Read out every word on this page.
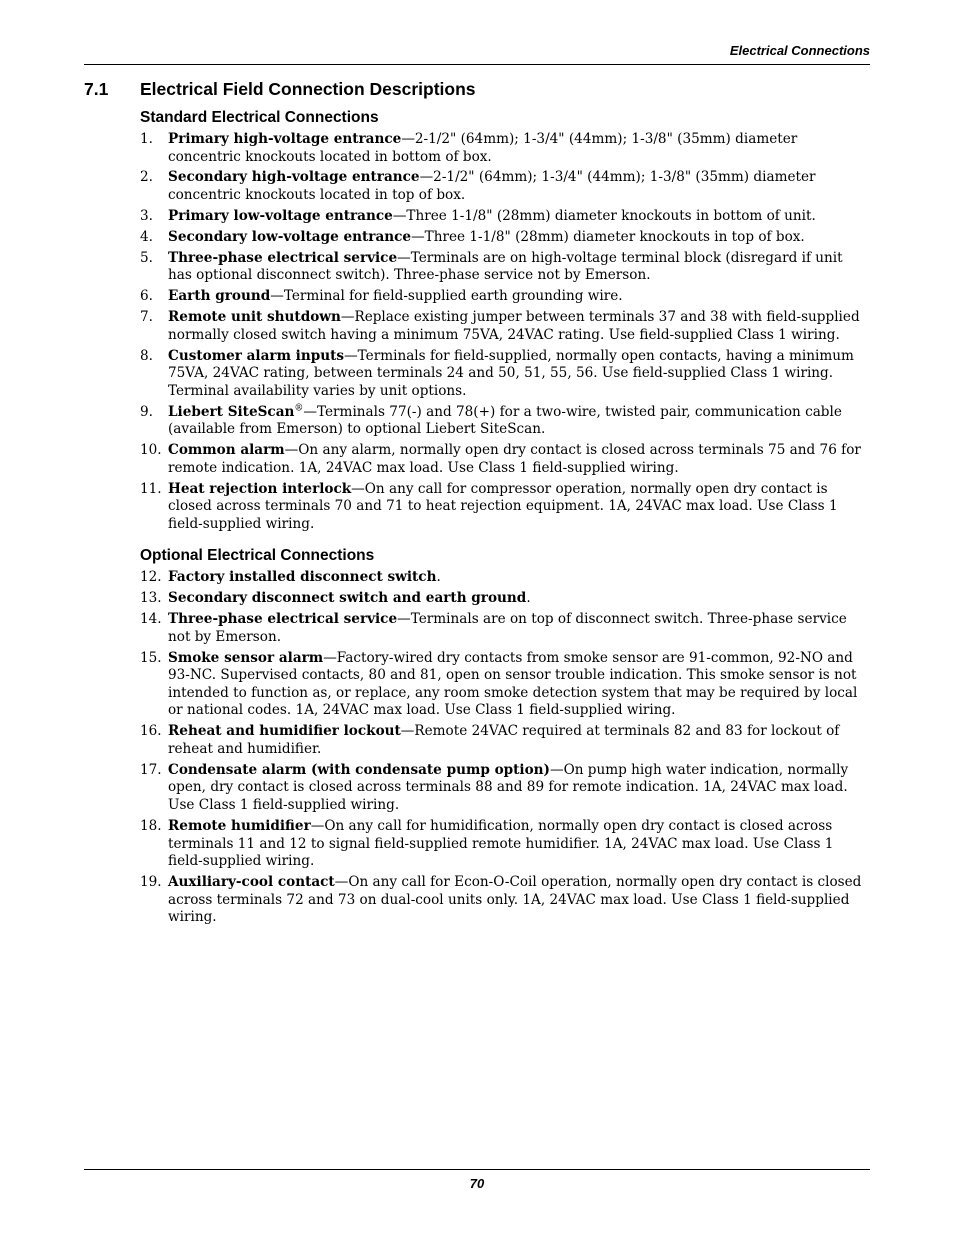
Electrical Connections
7.1 Electrical Field Connection Descriptions
Standard Electrical Connections
1. Primary high-voltage entrance—2-1/2" (64mm); 1-3/4" (44mm); 1-3/8" (35mm) diameter concentric knockouts located in bottom of box.
2. Secondary high-voltage entrance—2-1/2" (64mm); 1-3/4" (44mm); 1-3/8" (35mm) diameter concentric knockouts located in top of box.
3. Primary low-voltage entrance—Three 1-1/8" (28mm) diameter knockouts in bottom of unit.
4. Secondary low-voltage entrance—Three 1-1/8" (28mm) diameter knockouts in top of box.
5. Three-phase electrical service—Terminals are on high-voltage terminal block (disregard if unit has optional disconnect switch). Three-phase service not by Emerson.
6. Earth ground—Terminal for field-supplied earth grounding wire.
7. Remote unit shutdown—Replace existing jumper between terminals 37 and 38 with field-supplied normally closed switch having a minimum 75VA, 24VAC rating. Use field-supplied Class 1 wiring.
8. Customer alarm inputs—Terminals for field-supplied, normally open contacts, having a minimum 75VA, 24VAC rating, between terminals 24 and 50, 51, 55, 56. Use field-supplied Class 1 wiring. Terminal availability varies by unit options.
9. Liebert SiteScan®—Terminals 77(-) and 78(+) for a two-wire, twisted pair, communication cable (available from Emerson) to optional Liebert SiteScan.
10. Common alarm—On any alarm, normally open dry contact is closed across terminals 75 and 76 for remote indication. 1A, 24VAC max load. Use Class 1 field-supplied wiring.
11. Heat rejection interlock—On any call for compressor operation, normally open dry contact is closed across terminals 70 and 71 to heat rejection equipment. 1A, 24VAC max load. Use Class 1 field-supplied wiring.
Optional Electrical Connections
12. Factory installed disconnect switch.
13. Secondary disconnect switch and earth ground.
14. Three-phase electrical service—Terminals are on top of disconnect switch. Three-phase service not by Emerson.
15. Smoke sensor alarm—Factory-wired dry contacts from smoke sensor are 91-common, 92-NO and 93-NC. Supervised contacts, 80 and 81, open on sensor trouble indication. This smoke sensor is not intended to function as, or replace, any room smoke detection system that may be required by local or national codes. 1A, 24VAC max load. Use Class 1 field-supplied wiring.
16. Reheat and humidifier lockout—Remote 24VAC required at terminals 82 and 83 for lockout of reheat and humidifier.
17. Condensate alarm (with condensate pump option)—On pump high water indication, normally open, dry contact is closed across terminals 88 and 89 for remote indication. 1A, 24VAC max load. Use Class 1 field-supplied wiring.
18. Remote humidifier—On any call for humidification, normally open dry contact is closed across terminals 11 and 12 to signal field-supplied remote humidifier. 1A, 24VAC max load. Use Class 1 field-supplied wiring.
19. Auxiliary-cool contact—On any call for Econ-O-Coil operation, normally open dry contact is closed across terminals 72 and 73 on dual-cool units only. 1A, 24VAC max load. Use Class 1 field-supplied wiring.
70
